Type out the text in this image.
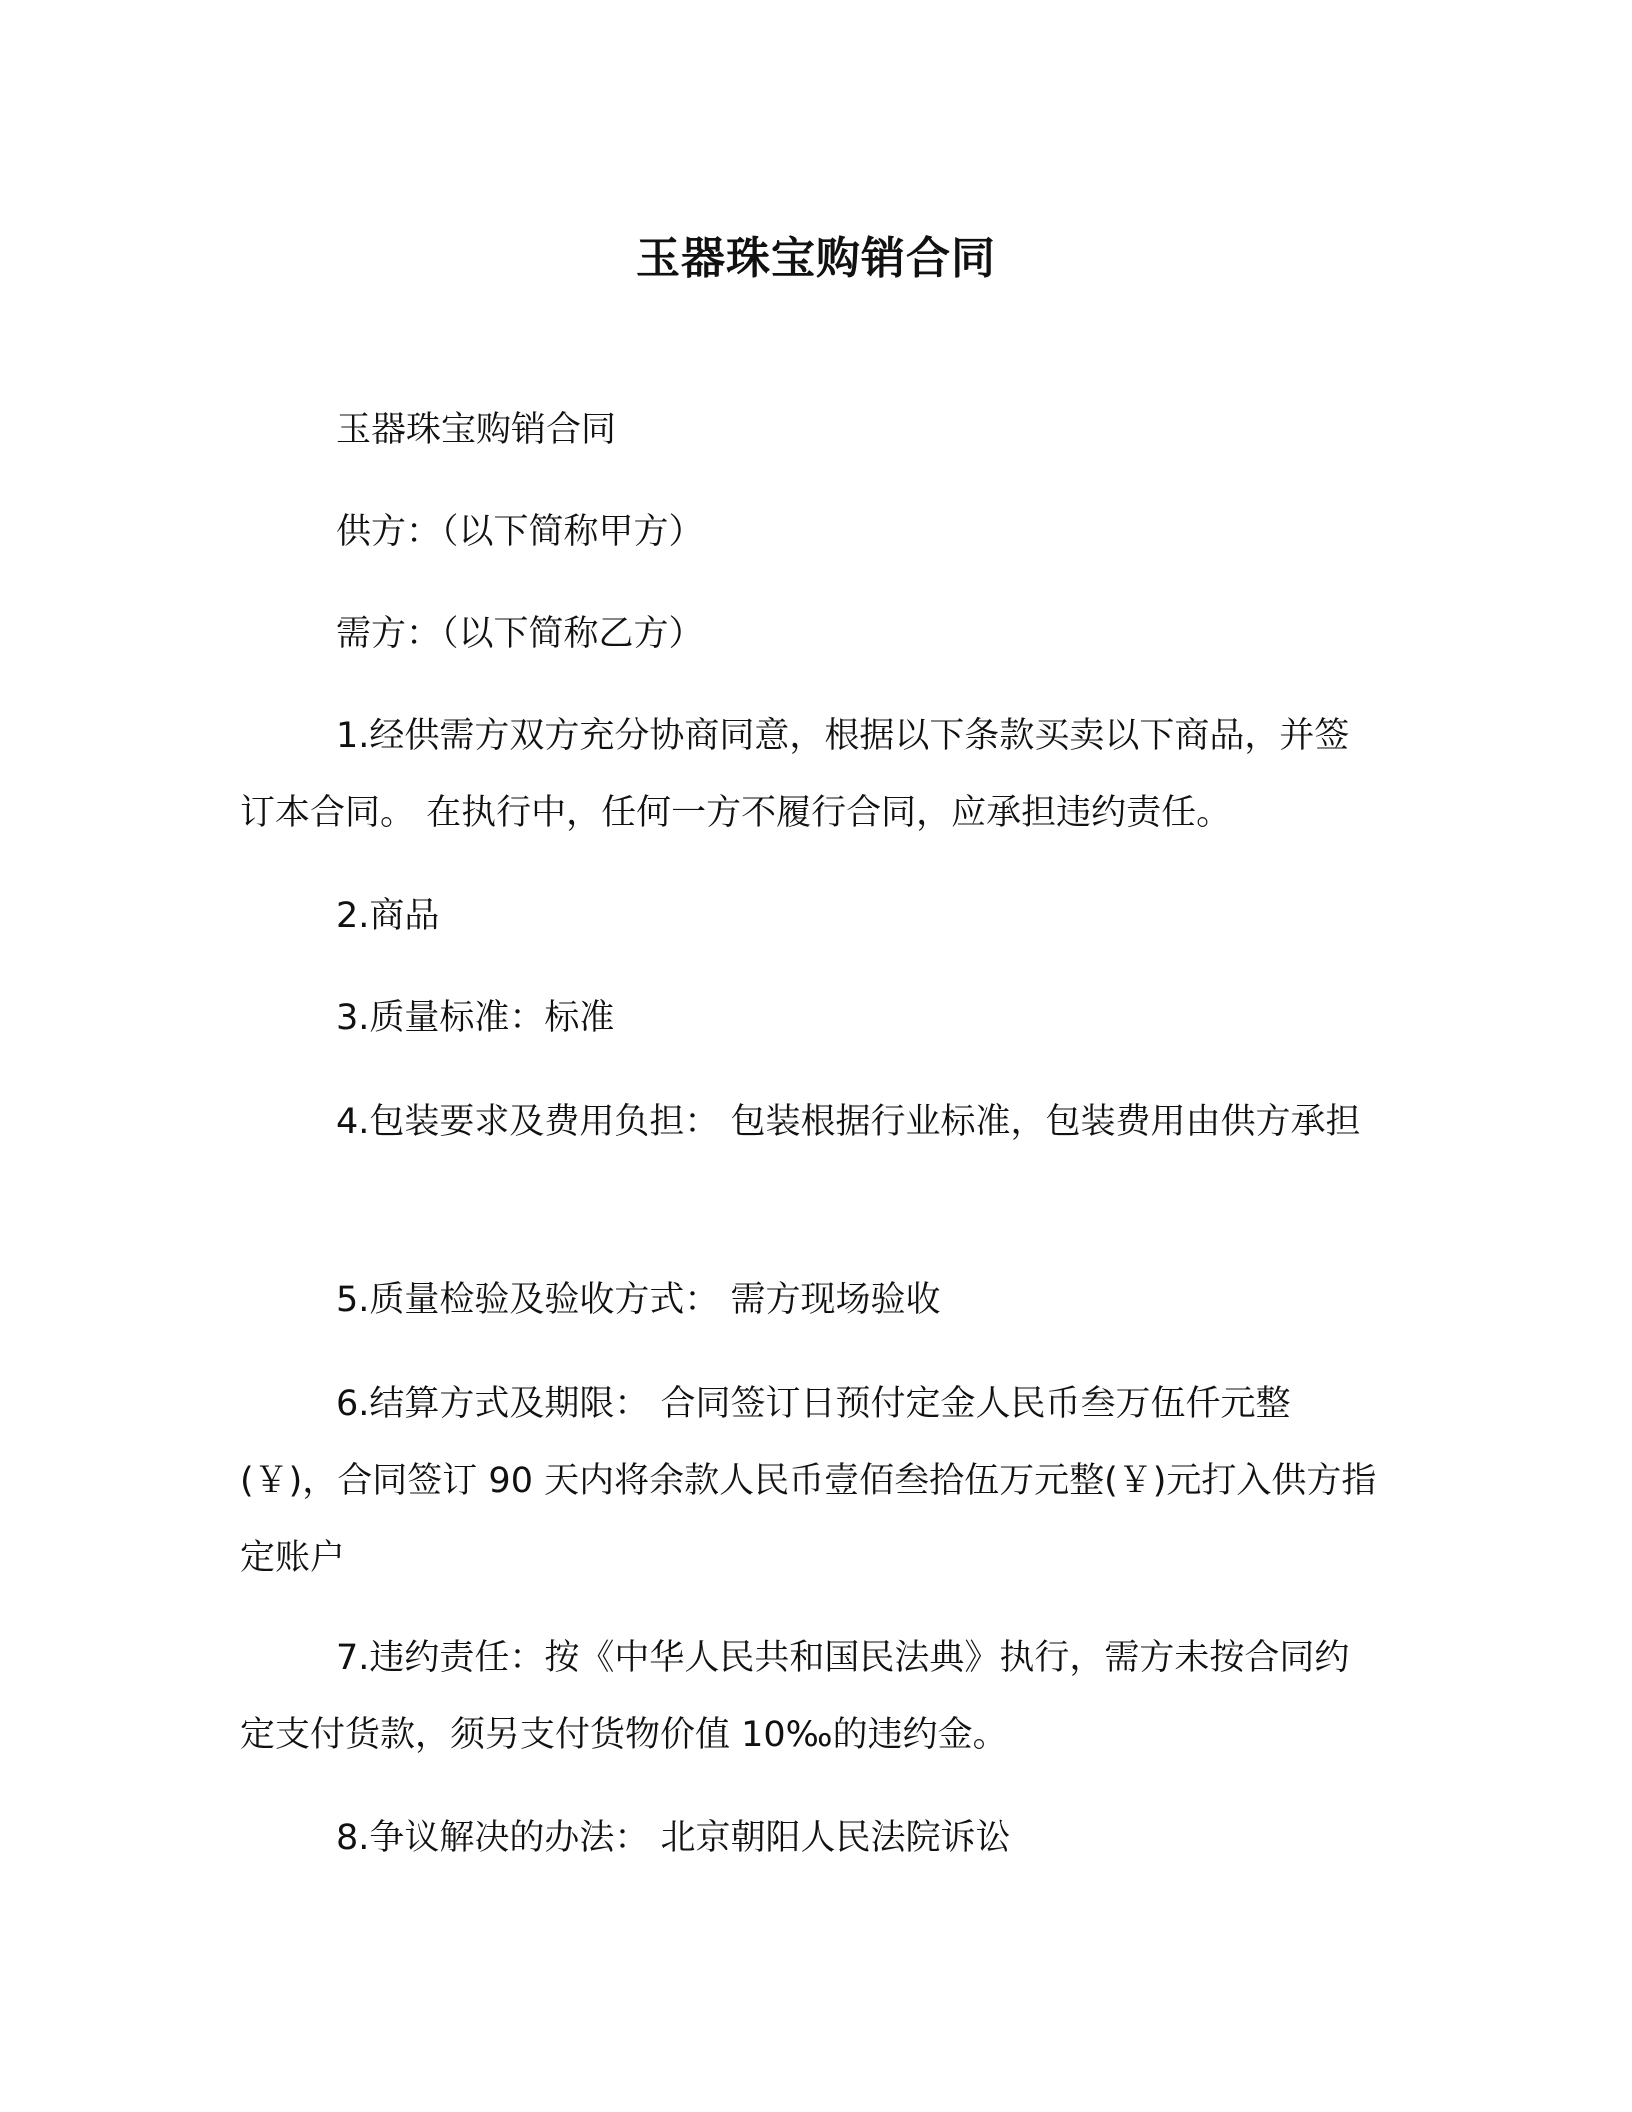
玉器珠宝购销合同

玉器珠宝购销合同

供方：（以下简称甲方）

需方：（以下简称乙方）

1.经供需方双方充分协商同意，根据以下条款买卖以下商品，并签订本合同。 在执行中，任何一方不履行合同，应承担违约责任。

2.商品

3.质量标准：标准

4.包装要求及费用负担： 包装根据行业标准，包装费用由供方承担

5.质量检验及验收方式： 需方现场验收

6.结算方式及期限： 合同签订日预付定金人民币叁万伍仟元整(￥)，合同签订 90 天内将余款人民币壹佰叁拾伍万元整(￥)元打入供方指定账户

7.违约责任：按《中华人民共和国民法典》执行，需方未按合同约定支付货款，须另支付货物价值 10‰的违约金。

8.争议解决的办法： 北京朝阳人民法院诉讼
